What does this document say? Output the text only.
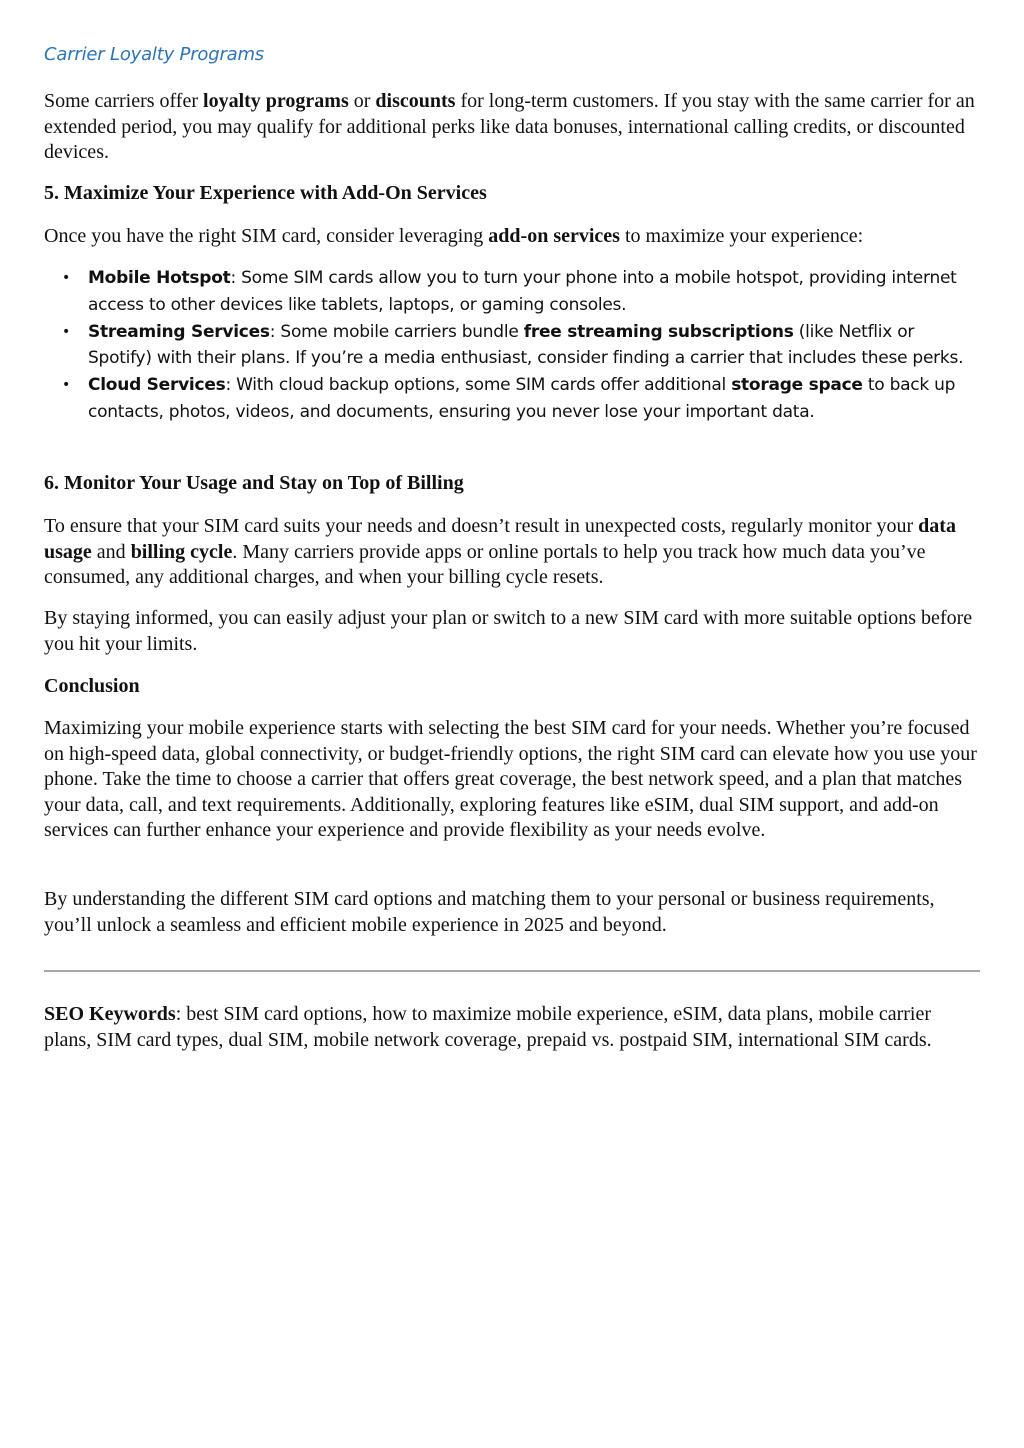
Carrier Loyalty Programs

Some carriers offer loyalty programs or discounts for long-term customers. If you stay with the same carrier for an extended period, you may qualify for additional perks like data bonuses, international calling credits, or discounted devices.

5. Maximize Your Experience with Add-On Services

Once you have the right SIM card, consider leveraging add-on services to maximize your experience:

• Mobile Hotspot: Some SIM cards allow you to turn your phone into a mobile hotspot, providing internet access to other devices like tablets, laptops, or gaming consoles.
• Streaming Services: Some mobile carriers bundle free streaming subscriptions (like Netflix or Spotify) with their plans. If you’re a media enthusiast, consider finding a carrier that includes these perks.
• Cloud Services: With cloud backup options, some SIM cards offer additional storage space to back up contacts, photos, videos, and documents, ensuring you never lose your important data.
6. Monitor Your Usage and Stay on Top of Billing

To ensure that your SIM card suits your needs and doesn’t result in unexpected costs, regularly monitor your data usage and billing cycle. Many carriers provide apps or online portals to help you track how much data you’ve consumed, any additional charges, and when your billing cycle resets.

By staying informed, you can easily adjust your plan or switch to a new SIM card with more suitable options before you hit your limits.

Conclusion

Maximizing your mobile experience starts with selecting the best SIM card for your needs. Whether you’re focused on high-speed data, global connectivity, or budget-friendly options, the right SIM card can elevate how you use your phone. Take the time to choose a carrier that offers great coverage, the best network speed, and a plan that matches your data, call, and text requirements. Additionally, exploring features like eSIM, dual SIM support, and add-on services can further enhance your experience and provide flexibility as your needs evolve.

By understanding the different SIM card options and matching them to your personal or business requirements, you’ll unlock a seamless and efficient mobile experience in 2025 and beyond.

SEO Keywords: best SIM card options, how to maximize mobile experience, eSIM, data plans, mobile carrier plans, SIM card types, dual SIM, mobile network coverage, prepaid vs. postpaid SIM, international SIM cards.
